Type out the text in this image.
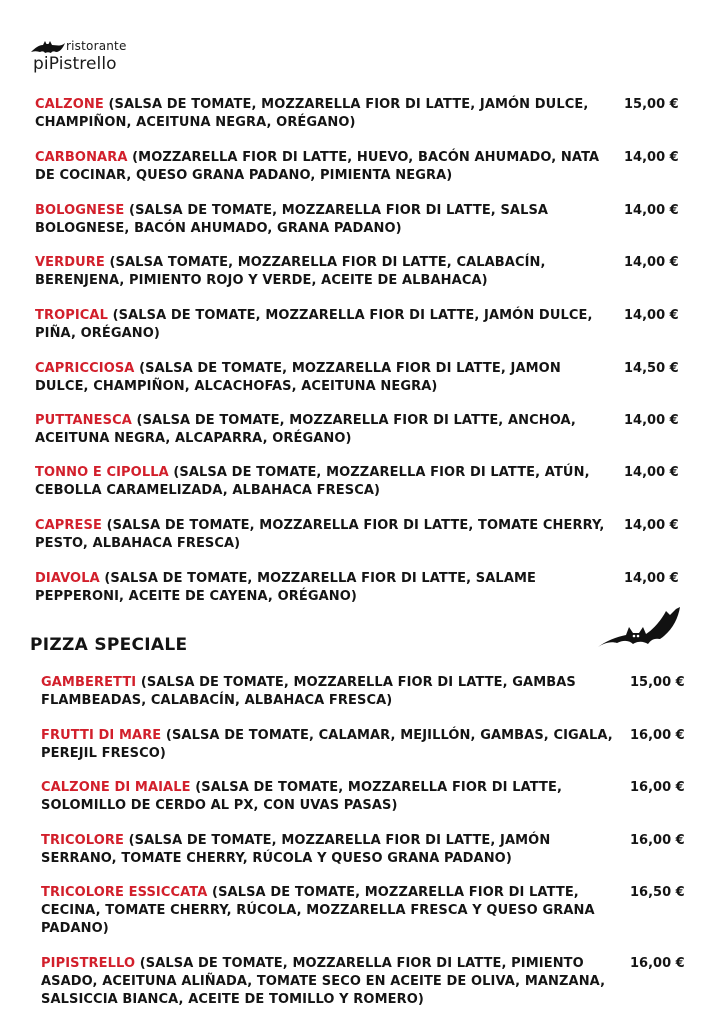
ristorante
piPistrello
CALZONE (SALSA DE TOMATE, MOZZARELLA FIOR DI LATTE, JAMÓN DULCE, CHAMPIÑON, ACEITUNA NEGRA, ORÉGANO)
15,00 €
CARBONARA (MOZZARELLA FIOR DI LATTE, HUEVO, BACÓN AHUMADO, NATA DE COCINAR, QUESO GRANA PADANO, PIMIENTA NEGRA)
14,00 €
BOLOGNESE (SALSA DE TOMATE, MOZZARELLA FIOR DI LATTE, SALSA BOLOGNESE, BACÓN AHUMADO, GRANA PADANO)
14,00 €
VERDURE (SALSA TOMATE, MOZZARELLA FIOR DI LATTE, CALABACÍN, BERENJENA, PIMIENTO ROJO Y VERDE, ACEITE DE ALBAHACA)
14,00 €
TROPICAL (SALSA DE TOMATE, MOZZARELLA FIOR DI LATTE, JAMÓN DULCE, PIÑA, ORÉGANO)
14,00 €
CAPRICCIOSA (SALSA DE TOMATE, MOZZARELLA FIOR DI LATTE, JAMON DULCE, CHAMPIÑON, ALCACHOFAS, ACEITUNA NEGRA)
14,50 €
PUTTANESCA (SALSA DE TOMATE, MOZZARELLA FIOR DI LATTE, ANCHOA, ACEITUNA NEGRA, ALCAPARRA, ORÉGANO)
14,00 €
TONNO E CIPOLLA (SALSA DE TOMATE, MOZZARELLA FIOR DI LATTE, ATÚN, CEBOLLA CARAMELIZADA, ALBAHACA FRESCA)
14,00 €
CAPRESE (SALSA DE TOMATE, MOZZARELLA FIOR DI LATTE, TOMATE CHERRY, PESTO, ALBAHACA FRESCA)
14,00 €
DIAVOLA (SALSA DE TOMATE, MOZZARELLA FIOR DI LATTE, SALAME PEPPERONI, ACEITE DE CAYENA, ORÉGANO)
14,00 €
PIZZA SPECIALE
GAMBERETTI (SALSA DE TOMATE, MOZZARELLA FIOR DI LATTE, GAMBAS FLAMBEADAS, CALABACÍN, ALBAHACA FRESCA)
15,00 €
FRUTTI DI MARE (SALSA DE TOMATE, CALAMAR, MEJILLÓN, GAMBAS, CIGALA, PEREJIL FRESCO)
16,00 €
CALZONE DI MAIALE (SALSA DE TOMATE, MOZZARELLA FIOR DI LATTE, SOLOMILLO DE CERDO AL PX, CON UVAS PASAS)
16,00 €
TRICOLORE (SALSA DE TOMATE, MOZZARELLA FIOR DI LATTE, JAMÓN SERRANO, TOMATE CHERRY, RÚCOLA Y QUESO GRANA PADANO)
16,00 €
TRICOLORE ESSICCATA (SALSA DE TOMATE, MOZZARELLA FIOR DI LATTE, CECINA, TOMATE CHERRY, RÚCOLA, MOZZARELLA FRESCA Y QUESO GRANA PADANO)
16,50 €
PIPISTRELLO (SALSA DE TOMATE, MOZZARELLA FIOR DI LATTE, PIMIENTO ASADO, ACEITUNA ALIÑADA, TOMATE SECO EN ACEITE DE OLIVA, MANZANA, SALSICCIA BIANCA, ACEITE DE TOMILLO Y ROMERO)
16,00 €
